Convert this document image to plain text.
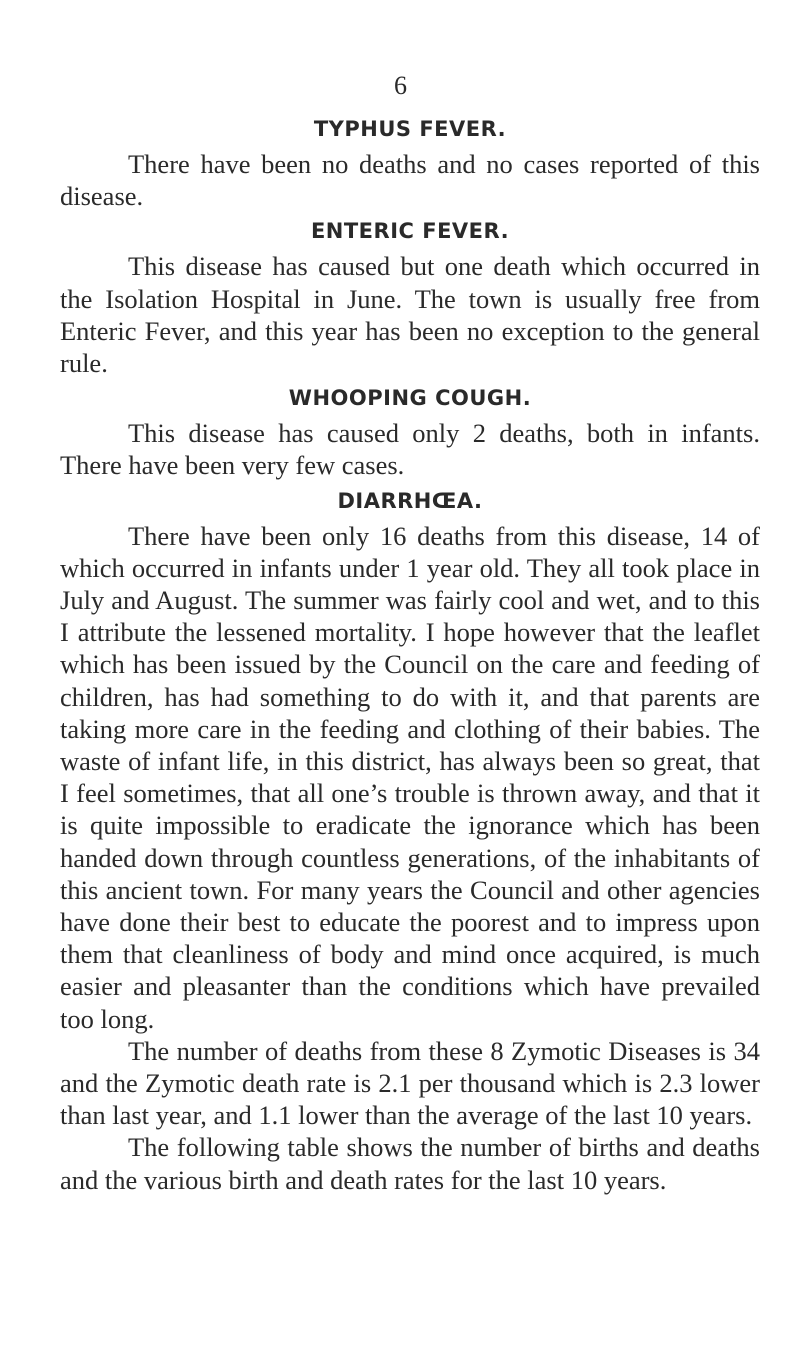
6
TYPHUS FEVER.

There have been no deaths and no cases reported of this disease.

ENTERIC FEVER.

This disease has caused but one death which occurred in the Isolation Hospital in June. The town is usually free from Enteric Fever, and this year has been no exception to the general rule.

WHOOPING COUGH.

This disease has caused only 2 deaths, both in infants. There have been very few cases.

DIARRHŒA.

There have been only 16 deaths from this disease, 14 of which occurred in infants under 1 year old. They all took place in July and August. The summer was fairly cool and wet, and to this I attribute the lessened mortality. I hope however that the leaflet which has been issued by the Council on the care and feeding of children, has had something to do with it, and that parents are taking more care in the feeding and clothing of their babies. The waste of infant life, in this district, has always been so great, that I feel sometimes, that all one’s trouble is thrown away, and that it is quite impossible to eradicate the ignorance which has been handed down through countless generations, of the inhabitants of this ancient town. For many years the Council and other agencies have done their best to educate the poorest and to impress upon them that cleanliness of body and mind once acquired, is much easier and pleasanter than the conditions which have prevailed too long.

The number of deaths from these 8 Zymotic Diseases is 34 and the Zymotic death rate is 2.1 per thousand which is 2.3 lower than last year, and 1.1 lower than the average of the last 10 years.

The following table shows the number of births and deaths and the various birth and death rates for the last 10 years.
